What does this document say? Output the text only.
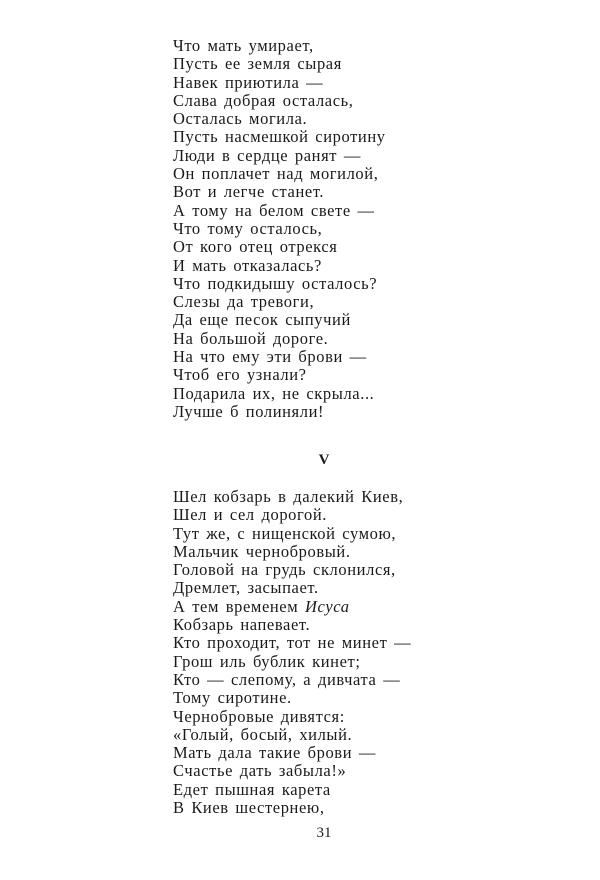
Что мать умирает,
Пусть ее земля сырая
Навек приютила —
Слава добрая осталась,
Осталась могила.
Пусть насмешкой сиротину
Люди в сердце ранят —
Он поплачет над могилой,
Вот и легче станет.
А тому на белом свете —
Что тому осталось,
От кого отец отрекся
И мать отказалась?
Что подкидышу осталось?
Слезы да тревоги,
Да еще песок сыпучий
На большой дороге.
На что ему эти брови —
Чтоб его узнали?
Подарила их, не скрыла...
Лучше б полиняли!
V
Шел кобзарь в далекий Киев,
Шел и сел дорогой.
Тут же, с нищенской сумою,
Мальчик чернобровый.
Головой на грудь склонился,
Дремлет, засыпает.
А тем временем Исуса
Кобзарь напевает.
Кто проходит, тот не минет —
Грош иль бублик кинет;
Кто — слепому, а дивчата —
Тому сиротине.
Чернобровые дивятся:
«Голый, босый, хилый.
Мать дала такие брови —
Счастье дать забыла!»
Едет пышная карета
В Киев шестернею,
31
